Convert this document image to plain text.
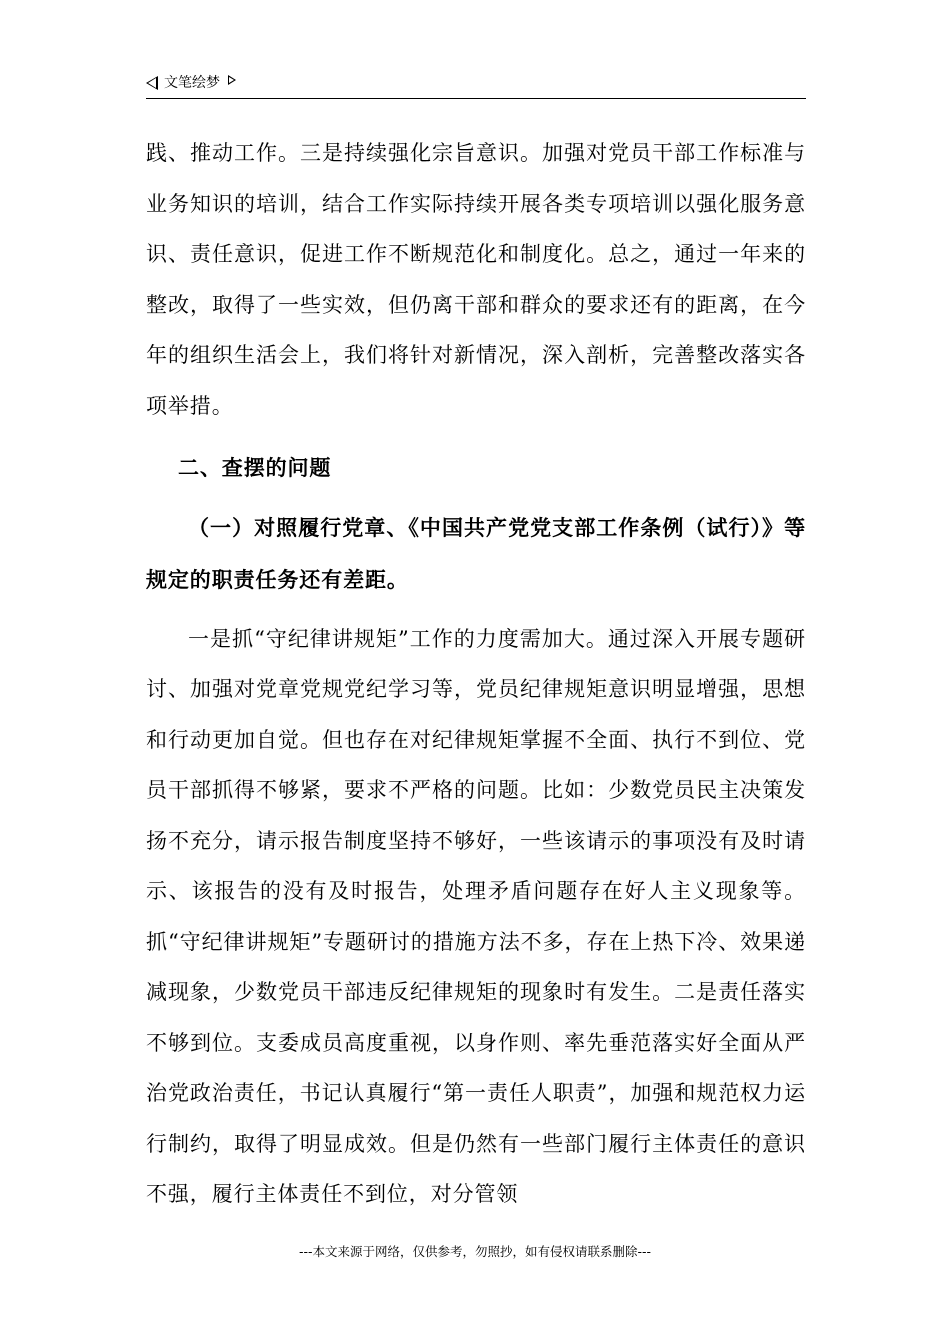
文笔绘梦

践、推动工作。三是持续强化宗旨意识。加强对党员干部工作标准与业务知识的培训，结合工作实际持续开展各类专项培训以强化服务意识、责任意识，促进工作不断规范化和制度化。总之，通过一年来的整改，取得了一些实效，但仍离干部和群众的要求还有的距离，在今年的组织生活会上，我们将针对新情况，深入剖析，完善整改落实各项举措。

二、查摆的问题

（一）对照履行党章、《中国共产党党支部工作条例（试行）》等规定的职责任务还有差距。

一是抓“守纪律讲规矩”工作的力度需加大。通过深入开展专题研讨、加强对党章党规党纪学习等，党员纪律规矩意识明显增强，思想和行动更加自觉。但也存在对纪律规矩掌握不全面、执行不到位、党员干部抓得不够紧，要求不严格的问题。比如：少数党员民主决策发扬不充分，请示报告制度坚持不够好，一些该请示的事项没有及时请示、该报告的没有及时报告，处理矛盾问题存在好人主义现象等。抓“守纪律讲规矩”专题研讨的措施方法不多，存在上热下冷、效果递减现象，少数党员干部违反纪律规矩的现象时有发生。二是责任落实不够到位。支委成员高度重视，以身作则、率先垂范落实好全面从严治党政治责任，书记认真履行“第一责任人职责”，加强和规范权力运行制约，取得了明显成效。但是仍然有一些部门履行主体责任的意识不强，履行主体责任不到位，对分管领

---本文来源于网络，仅供参考，勿照抄，如有侵权请联系删除---
